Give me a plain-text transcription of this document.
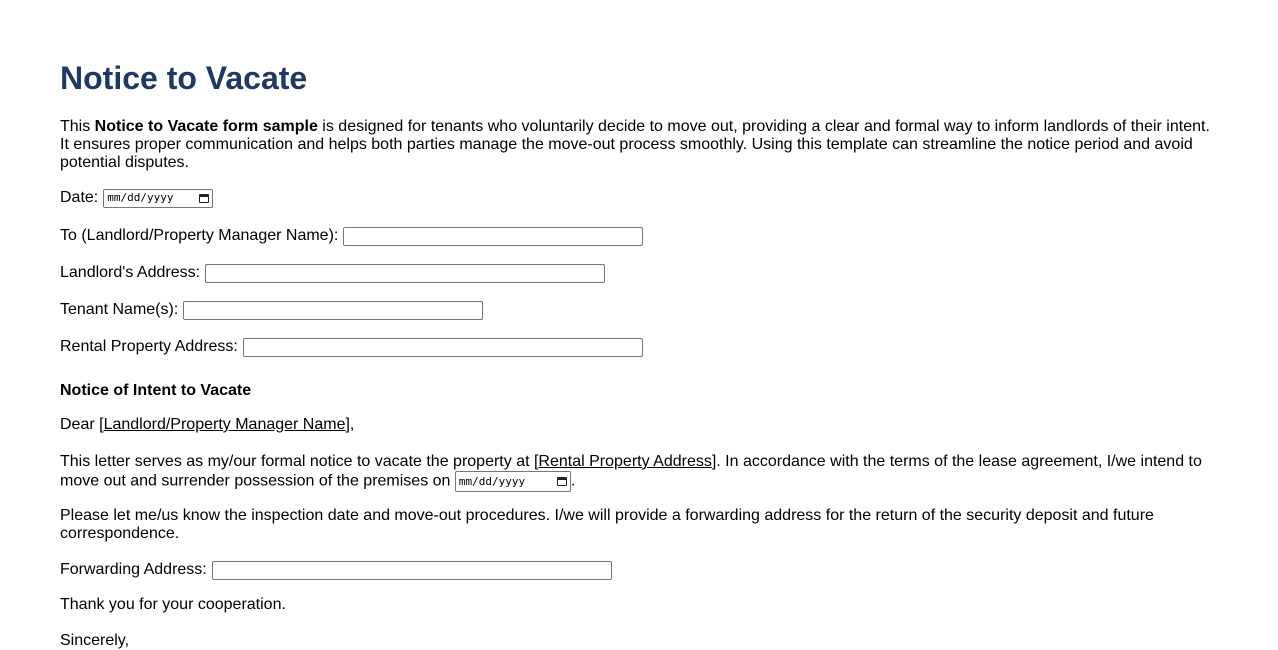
Notice to Vacate

This Notice to Vacate form sample is designed for tenants who voluntarily decide to move out, providing a clear and formal way to inform landlords of their intent. It ensures proper communication and helps both parties manage the move-out process smoothly. Using this template can streamline the notice period and avoid potential disputes.

Date: mm/dd/yyyy
To (Landlord/Property Manager Name):
Landlord's Address:
Tenant Name(s):
Rental Property Address:

Notice of Intent to Vacate

Dear [Landlord/Property Manager Name],

This letter serves as my/our formal notice to vacate the property at [Rental Property Address]. In accordance with the terms of the lease agreement, I/we intend to move out and surrender possession of the premises on mm/dd/yyyy	.

Please let me/us know the inspection date and move-out procedures. I/we will provide a forwarding address for the return of the security deposit and future correspondence.

Forwarding Address:

Thank you for your cooperation.

Sincerely,
